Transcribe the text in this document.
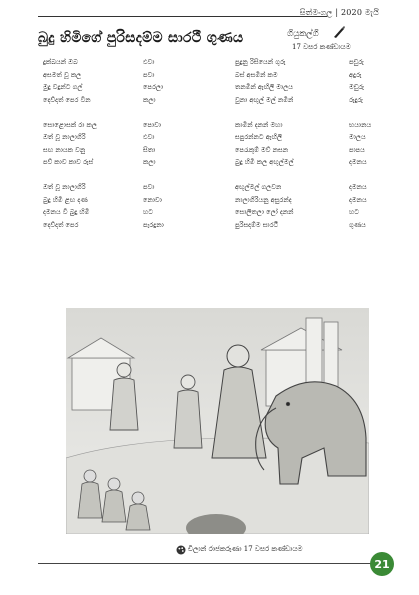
සිත්මංගල | 2020 මැයි
බුදු හිමිගේ පුරිසදම්ම සාරථී ගුණය	ගියුකල්ගි
17 වසර කණ්ඩායම
දුක්ඛයන් ඔබ	ඵවා
අසමත් වූ කල	පවා
මුදු වදුන්ට ගල්	පෙරලා
දෙව්දත් පෙර වින	කලා
සොළොසක් රා කල	පොවා
ඔත් වූ නාලාගිරි	ඵවා
සඟ නායක වනු	සිතා
පව් කාව කාව රුස්	කලා
ඔත් වූ නාලාගිරි	පවා
බුදු හිමි ළඟ දණ	නොවා
දමනය වී බුදු හිමි	හට
දෙව්දත් පෙර	පැරදුනා
පුදුනු රිසියෙන් ගුරු	පඩුරු
බස් අසමින් කම	අදුරු
තනමින් ඇඟිලි මාලය	මඩුරු
වුනා අඟුල් මල් නමින්	රුදුරු
කාමින් දනන් මහා	භයානය
සපුරන්නට ඇඟිලි	මාලය
පෙරැකුම් මව් නසන	පාපය
බුදු හිමි කල අඟුල්මල්	දමනය
අඟුල්මල් ගලවන	දමනය
නාලාගිරියනු අසුරන්ද	දමනය
සොලිතලා ලෝ දනන්	හට
පුරිසදම්ම සාරථී	ගුණය
චිලාන් රාජකරුණා 17 වසර කණ්ඩායම
21
